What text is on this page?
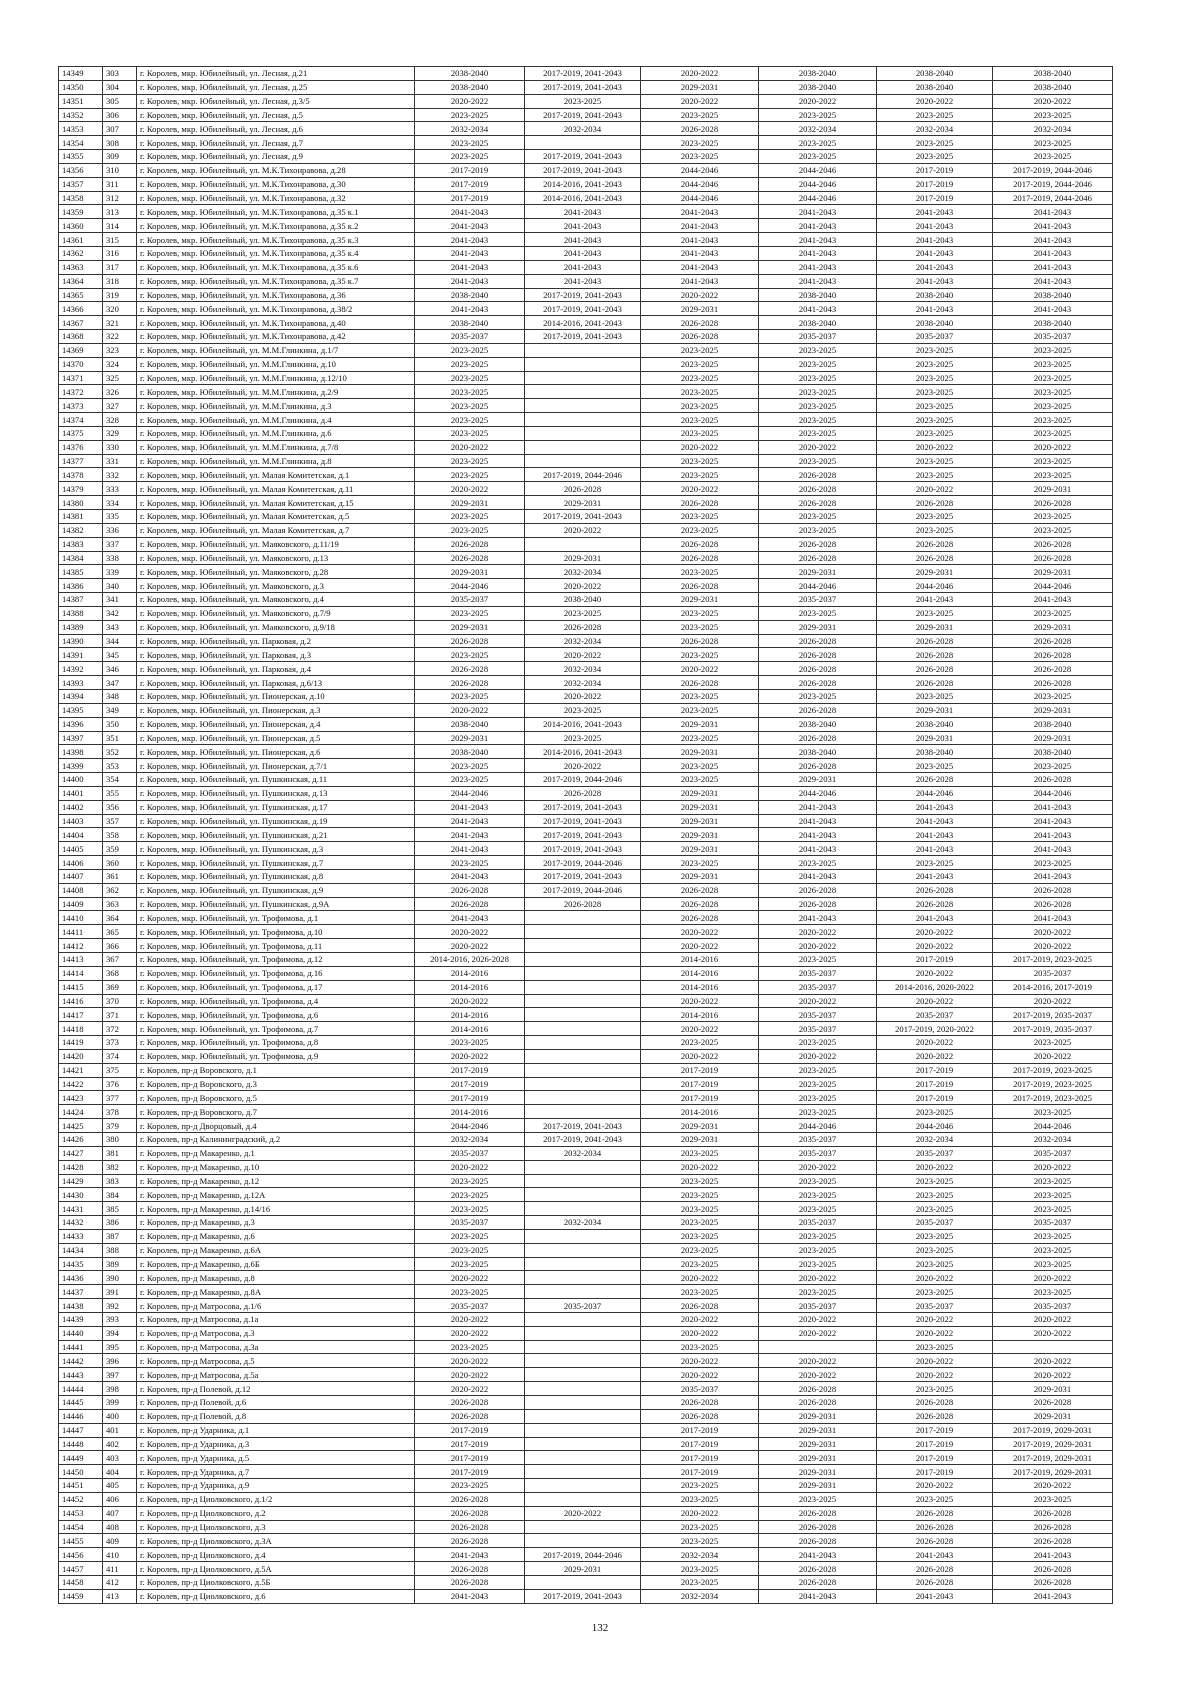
14349	303	г. Королев, мкр. Юбилейный, ул. Лесная, д.21	2038-2040	2017-2019, 2041-2043	2020-2022	2038-2040	2038-2040	2038-2040
14350	304	г. Королев, мкр. Юбилейный, ул. Лесная, д.25	2038-2040	2017-2019, 2041-2043	2029-2031	2038-2040	2038-2040	2038-2040
14351	305	г. Королев, мкр. Юбилейный, ул. Лесная, д.3/5	2020-2022	2023-2025	2020-2022	2020-2022	2020-2022	2020-2022
14352	306	г. Королев, мкр. Юбилейный, ул. Лесная, д.5	2023-2025	2017-2019, 2041-2043	2023-2025	2023-2025	2023-2025	2023-2025
14353	307	г. Королев, мкр. Юбилейный, ул. Лесная, д.6	2032-2034	2032-2034	2026-2028	2032-2034	2032-2034	2032-2034
14354	308	г. Королев, мкр. Юбилейный, ул. Лесная, д.7	2023-2025		2023-2025	2023-2025	2023-2025	2023-2025
14355	309	г. Королев, мкр. Юбилейный, ул. Лесная, д.9	2023-2025	2017-2019, 2041-2043	2023-2025	2023-2025	2023-2025	2023-2025
14356	310	г. Королев, мкр. Юбилейный, ул. М.К.Тихонравова, д.28	2017-2019	2017-2019, 2041-2043	2044-2046	2044-2046	2017-2019	2017-2019, 2044-2046
14357	311	г. Королев, мкр. Юбилейный, ул. М.К.Тихонравова, д.30	2017-2019	2014-2016, 2041-2043	2044-2046	2044-2046	2017-2019	2017-2019, 2044-2046
14358	312	г. Королев, мкр. Юбилейный, ул. М.К.Тихонравова, д.32	2017-2019	2014-2016, 2041-2043	2044-2046	2044-2046	2017-2019	2017-2019, 2044-2046
14359	313	г. Королев, мкр. Юбилейный, ул. М.К.Тихонравова, д.35 к.1	2041-2043	2041-2043	2041-2043	2041-2043	2041-2043	2041-2043
14360	314	г. Королев, мкр. Юбилейный, ул. М.К.Тихонравова, д.35 к.2	2041-2043	2041-2043	2041-2043	2041-2043	2041-2043	2041-2043
14361	315	г. Королев, мкр. Юбилейный, ул. М.К.Тихонравова, д.35 к.3	2041-2043	2041-2043	2041-2043	2041-2043	2041-2043	2041-2043
14362	316	г. Королев, мкр. Юбилейный, ул. М.К.Тихонравова, д.35 к.4	2041-2043	2041-2043	2041-2043	2041-2043	2041-2043	2041-2043
14363	317	г. Королев, мкр. Юбилейный, ул. М.К.Тихонравова, д.35 к.6	2041-2043	2041-2043	2041-2043	2041-2043	2041-2043	2041-2043
14364	318	г. Королев, мкр. Юбилейный, ул. М.К.Тихонравова, д.35 к.7	2041-2043	2041-2043	2041-2043	2041-2043	2041-2043	2041-2043
14365	319	г. Королев, мкр. Юбилейный, ул. М.К.Тихонравова, д.36	2038-2040	2017-2019, 2041-2043	2020-2022	2038-2040	2038-2040	2038-2040
14366	320	г. Королев, мкр. Юбилейный, ул. М.К.Тихонравова, д.38/2	2041-2043	2017-2019, 2041-2043	2029-2031	2041-2043	2041-2043	2041-2043
14367	321	г. Королев, мкр. Юбилейный, ул. М.К.Тихонравова, д.40	2038-2040	2014-2016, 2041-2043	2026-2028	2038-2040	2038-2040	2038-2040
14368	322	г. Королев, мкр. Юбилейный, ул. М.К.Тихонравова, д.42	2035-2037	2017-2019, 2041-2043	2026-2028	2035-2037	2035-2037	2035-2037
14369	323	г. Королев, мкр. Юбилейный, ул. М.М.Глинкина, д.1/7	2023-2025		2023-2025	2023-2025	2023-2025	2023-2025
14370	324	г. Королев, мкр. Юбилейный, ул. М.М.Глинкина, д.10	2023-2025		2023-2025	2023-2025	2023-2025	2023-2025
14371	325	г. Королев, мкр. Юбилейный, ул. М.М.Глинкина, д.12/10	2023-2025		2023-2025	2023-2025	2023-2025	2023-2025
14372	326	г. Королев, мкр. Юбилейный, ул. М.М.Глинкина, д.2/9	2023-2025		2023-2025	2023-2025	2023-2025	2023-2025
14373	327	г. Королев, мкр. Юбилейный, ул. М.М.Глинкина, д.3	2023-2025		2023-2025	2023-2025	2023-2025	2023-2025
14374	328	г. Королев, мкр. Юбилейный, ул. М.М.Глинкина, д.4	2023-2025		2023-2025	2023-2025	2023-2025	2023-2025
14375	329	г. Королев, мкр. Юбилейный, ул. М.М.Глинкина, д.6	2023-2025		2023-2025	2023-2025	2023-2025	2023-2025
14376	330	г. Королев, мкр. Юбилейный, ул. М.М.Глинкина, д.7/8	2020-2022		2020-2022	2020-2022	2020-2022	2020-2022
14377	331	г. Королев, мкр. Юбилейный, ул. М.М.Глинкина, д.8	2023-2025		2023-2025	2023-2025	2023-2025	2023-2025
14378	332	г. Королев, мкр. Юбилейный, ул. Малая Комитетская, д.1	2023-2025	2017-2019, 2044-2046	2023-2025	2026-2028	2023-2025	2023-2025
14379	333	г. Королев, мкр. Юбилейный, ул. Малая Комитетская, д.11	2020-2022	2026-2028	2020-2022	2026-2028	2020-2022	2029-2031
14380	334	г. Королев, мкр. Юбилейный, ул. Малая Комитетская, д.15	2029-2031	2029-2031	2026-2028	2026-2028	2026-2028	2026-2028
14381	335	г. Королев, мкр. Юбилейный, ул. Малая Комитетская, д.5	2023-2025	2017-2019, 2041-2043	2023-2025	2023-2025	2023-2025	2023-2025
14382	336	г. Королев, мкр. Юбилейный, ул. Малая Комитетская, д.7	2023-2025	2020-2022	2023-2025	2023-2025	2023-2025	2023-2025
14383	337	г. Королев, мкр. Юбилейный, ул. Маяковского, д.11/19	2026-2028		2026-2028	2026-2028	2026-2028	2026-2028
14384	338	г. Королев, мкр. Юбилейный, ул. Маяковского, д.13	2026-2028	2029-2031	2026-2028	2026-2028	2026-2028	2026-2028
14385	339	г. Королев, мкр. Юбилейный, ул. Маяковского, д.28	2029-2031	2032-2034	2023-2025	2029-2031	2029-2031	2029-2031
14386	340	г. Королев, мкр. Юбилейный, ул. Маяковского, д.3	2044-2046	2020-2022	2026-2028	2044-2046	2044-2046	2044-2046
14387	341	г. Королев, мкр. Юбилейный, ул. Маяковского, д.4	2035-2037	2038-2040	2029-2031	2035-2037	2041-2043	2041-2043
14388	342	г. Королев, мкр. Юбилейный, ул. Маяковского, д.7/9	2023-2025	2023-2025	2023-2025	2023-2025	2023-2025	2023-2025
14389	343	г. Королев, мкр. Юбилейный, ул. Маяковского, д.9/18	2029-2031	2026-2028	2023-2025	2029-2031	2029-2031	2029-2031
14390	344	г. Королев, мкр. Юбилейный, ул. Парковая, д.2	2026-2028	2032-2034	2026-2028	2026-2028	2026-2028	2026-2028
14391	345	г. Королев, мкр. Юбилейный, ул. Парковая, д.3	2023-2025	2020-2022	2023-2025	2026-2028	2026-2028	2026-2028
14392	346	г. Королев, мкр. Юбилейный, ул. Парковая, д.4	2026-2028	2032-2034	2020-2022	2026-2028	2026-2028	2026-2028
14393	347	г. Королев, мкр. Юбилейный, ул. Парковая, д.6/13	2026-2028	2032-2034	2026-2028	2026-2028	2026-2028	2026-2028
14394	348	г. Королев, мкр. Юбилейный, ул. Пионерская, д.10	2023-2025	2020-2022	2023-2025	2023-2025	2023-2025	2023-2025
14395	349	г. Королев, мкр. Юбилейный, ул. Пионерская, д.3	2020-2022	2023-2025	2023-2025	2026-2028	2029-2031	2029-2031
14396	350	г. Королев, мкр. Юбилейный, ул. Пионерская, д.4	2038-2040	2014-2016, 2041-2043	2029-2031	2038-2040	2038-2040	2038-2040
14397	351	г. Королев, мкр. Юбилейный, ул. Пионерская, д.5	2029-2031	2023-2025	2023-2025	2026-2028	2029-2031	2029-2031
14398	352	г. Королев, мкр. Юбилейный, ул. Пионерская, д.6	2038-2040	2014-2016, 2041-2043	2029-2031	2038-2040	2038-2040	2038-2040
14399	353	г. Королев, мкр. Юбилейный, ул. Пионерская, д.7/1	2023-2025	2020-2022	2023-2025	2026-2028	2023-2025	2023-2025
14400	354	г. Королев, мкр. Юбилейный, ул. Пушкинская, д.11	2023-2025	2017-2019, 2044-2046	2023-2025	2029-2031	2026-2028	2026-2028
14401	355	г. Королев, мкр. Юбилейный, ул. Пушкинская, д.13	2044-2046	2026-2028	2029-2031	2044-2046	2044-2046	2044-2046
14402	356	г. Королев, мкр. Юбилейный, ул. Пушкинская, д.17	2041-2043	2017-2019, 2041-2043	2029-2031	2041-2043	2041-2043	2041-2043
14403	357	г. Королев, мкр. Юбилейный, ул. Пушкинская, д.19	2041-2043	2017-2019, 2041-2043	2029-2031	2041-2043	2041-2043	2041-2043
14404	358	г. Королев, мкр. Юбилейный, ул. Пушкинская, д.21	2041-2043	2017-2019, 2041-2043	2029-2031	2041-2043	2041-2043	2041-2043
14405	359	г. Королев, мкр. Юбилейный, ул. Пушкинская, д.3	2041-2043	2017-2019, 2041-2043	2029-2031	2041-2043	2041-2043	2041-2043
14406	360	г. Королев, мкр. Юбилейный, ул. Пушкинская, д.7	2023-2025	2017-2019, 2044-2046	2023-2025	2023-2025	2023-2025	2023-2025
14407	361	г. Королев, мкр. Юбилейный, ул. Пушкинская, д.8	2041-2043	2017-2019, 2041-2043	2029-2031	2041-2043	2041-2043	2041-2043
14408	362	г. Королев, мкр. Юбилейный, ул. Пушкинская, д.9	2026-2028	2017-2019, 2044-2046	2026-2028	2026-2028	2026-2028	2026-2028
14409	363	г. Королев, мкр. Юбилейный, ул. Пушкинская, д.9А	2026-2028	2026-2028	2026-2028	2026-2028	2026-2028	2026-2028
14410	364	г. Королев, мкр. Юбилейный, ул. Трофимова, д.1	2041-2043		2026-2028	2041-2043	2041-2043	2041-2043
14411	365	г. Королев, мкр. Юбилейный, ул. Трофимова, д.10	2020-2022		2020-2022	2020-2022	2020-2022	2020-2022
14412	366	г. Королев, мкр. Юбилейный, ул. Трофимова, д.11	2020-2022		2020-2022	2020-2022	2020-2022	2020-2022
14413	367	г. Королев, мкр. Юбилейный, ул. Трофимова, д.12	2014-2016, 2026-2028		2014-2016	2023-2025	2017-2019	2017-2019, 2023-2025
14414	368	г. Королев, мкр. Юбилейный, ул. Трофимова, д.16	2014-2016		2014-2016	2035-2037	2020-2022	2035-2037
14415	369	г. Королев, мкр. Юбилейный, ул. Трофимова, д.17	2014-2016		2014-2016	2035-2037	2014-2016, 2020-2022	2014-2016, 2017-2019
14416	370	г. Королев, мкр. Юбилейный, ул. Трофимова, д.4	2020-2022		2020-2022	2020-2022	2020-2022	2020-2022
14417	371	г. Королев, мкр. Юбилейный, ул. Трофимова, д.6	2014-2016		2014-2016	2035-2037	2035-2037	2017-2019, 2035-2037
14418	372	г. Королев, мкр. Юбилейный, ул. Трофимова, д.7	2014-2016		2020-2022	2035-2037	2017-2019, 2020-2022	2017-2019, 2035-2037
14419	373	г. Королев, мкр. Юбилейный, ул. Трофимова, д.8	2023-2025		2023-2025	2023-2025	2020-2022	2023-2025
14420	374	г. Королев, мкр. Юбилейный, ул. Трофимова, д.9	2020-2022		2020-2022	2020-2022	2020-2022	2020-2022
14421	375	г. Королев, пр-д Воровского, д.1	2017-2019		2017-2019	2023-2025	2017-2019	2017-2019, 2023-2025
14422	376	г. Королев, пр-д Воровского, д.3	2017-2019		2017-2019	2023-2025	2017-2019	2017-2019, 2023-2025
14423	377	г. Королев, пр-д Воровского, д.5	2017-2019		2017-2019	2023-2025	2017-2019	2017-2019, 2023-2025
14424	378	г. Королев, пр-д Воровского, д.7	2014-2016		2014-2016	2023-2025	2023-2025	2023-2025
14425	379	г. Королев, пр-д Дворцовый, д.4	2044-2046	2017-2019, 2041-2043	2029-2031	2044-2046	2044-2046	2044-2046
14426	380	г. Королев, пр-д Калининградский, д.2	2032-2034	2017-2019, 2041-2043	2029-2031	2035-2037	2032-2034	2032-2034
14427	381	г. Королев, пр-д Макаренко, д.1	2035-2037	2032-2034	2023-2025	2035-2037	2035-2037	2035-2037
14428	382	г. Королев, пр-д Макаренко, д.10	2020-2022		2020-2022	2020-2022	2020-2022	2020-2022
14429	383	г. Королев, пр-д Макаренко, д.12	2023-2025		2023-2025	2023-2025	2023-2025	2023-2025
14430	384	г. Королев, пр-д Макаренко, д.12А	2023-2025		2023-2025	2023-2025	2023-2025	2023-2025
14431	385	г. Королев, пр-д Макаренко, д.14/16	2023-2025		2023-2025	2023-2025	2023-2025	2023-2025
14432	386	г. Королев, пр-д Макаренко, д.3	2035-2037	2032-2034	2023-2025	2035-2037	2035-2037	2035-2037
14433	387	г. Королев, пр-д Макаренко, д.6	2023-2025		2023-2025	2023-2025	2023-2025	2023-2025
14434	388	г. Королев, пр-д Макаренко, д.6А	2023-2025		2023-2025	2023-2025	2023-2025	2023-2025
14435	389	г. Королев, пр-д Макаренко, д.6Б	2023-2025		2023-2025	2023-2025	2023-2025	2023-2025
14436	390	г. Королев, пр-д Макаренко, д.8	2020-2022		2020-2022	2020-2022	2020-2022	2020-2022
14437	391	г. Королев, пр-д Макаренко, д.8А	2023-2025		2023-2025	2023-2025	2023-2025	2023-2025
14438	392	г. Королев, пр-д Матросова, д.1/6	2035-2037	2035-2037	2026-2028	2035-2037	2035-2037	2035-2037
14439	393	г. Королев, пр-д Матросова, д.1а	2020-2022		2020-2022	2020-2022	2020-2022	2020-2022
14440	394	г. Королев, пр-д Матросова, д.3	2020-2022		2020-2022	2020-2022	2020-2022	2020-2022
14441	395	г. Королев, пр-д Матросова, д.3а	2023-2025		2023-2025		2023-2025	
14442	396	г. Королев, пр-д Матросова, д.5	2020-2022		2020-2022	2020-2022	2020-2022	2020-2022
14443	397	г. Королев, пр-д Матросова, д.5а	2020-2022		2020-2022	2020-2022	2020-2022	2020-2022
14444	398	г. Королев, пр-д Полевой, д.12	2020-2022		2035-2037	2026-2028	2023-2025	2029-2031
14445	399	г. Королев, пр-д Полевой, д.6	2026-2028		2026-2028	2026-2028	2026-2028	2026-2028
14446	400	г. Королев, пр-д Полевой, д.8	2026-2028		2026-2028	2029-2031	2026-2028	2029-2031
14447	401	г. Королев, пр-д Ударника, д.1	2017-2019		2017-2019	2029-2031	2017-2019	2017-2019, 2029-2031
14448	402	г. Королев, пр-д Ударника, д.3	2017-2019		2017-2019	2029-2031	2017-2019	2017-2019, 2029-2031
14449	403	г. Королев, пр-д Ударника, д.5	2017-2019		2017-2019	2029-2031	2017-2019	2017-2019, 2029-2031
14450	404	г. Королев, пр-д Ударника, д.7	2017-2019		2017-2019	2029-2031	2017-2019	2017-2019, 2029-2031
14451	405	г. Королев, пр-д Ударника, д.9	2023-2025		2023-2025	2029-2031	2020-2022	2020-2022
14452	406	г. Королев, пр-д Циолковского, д.1/2	2026-2028		2023-2025	2023-2025	2023-2025	2023-2025
14453	407	г. Королев, пр-д Циолковского, д.2	2026-2028	2020-2022	2020-2022	2026-2028	2026-2028	2026-2028
14454	408	г. Королев, пр-д Циолковского, д.3	2026-2028		2023-2025	2026-2028	2026-2028	2026-2028
14455	409	г. Королев, пр-д Циолковского, д.3А	2026-2028		2023-2025	2026-2028	2026-2028	2026-2028
14456	410	г. Королев, пр-д Циолковского, д.4	2041-2043	2017-2019, 2044-2046	2032-2034	2041-2043	2041-2043	2041-2043
14457	411	г. Королев, пр-д Циолковского, д.5А	2026-2028	2029-2031	2023-2025	2026-2028	2026-2028	2026-2028
14458	412	г. Королев, пр-д Циолковского, д.5Б	2026-2028		2023-2025	2026-2028	2026-2028	2026-2028
14459	413	г. Королев, пр-д Циолковского, д.6	2041-2043	2017-2019, 2041-2043	2032-2034	2041-2043	2041-2043	2041-2043
132
